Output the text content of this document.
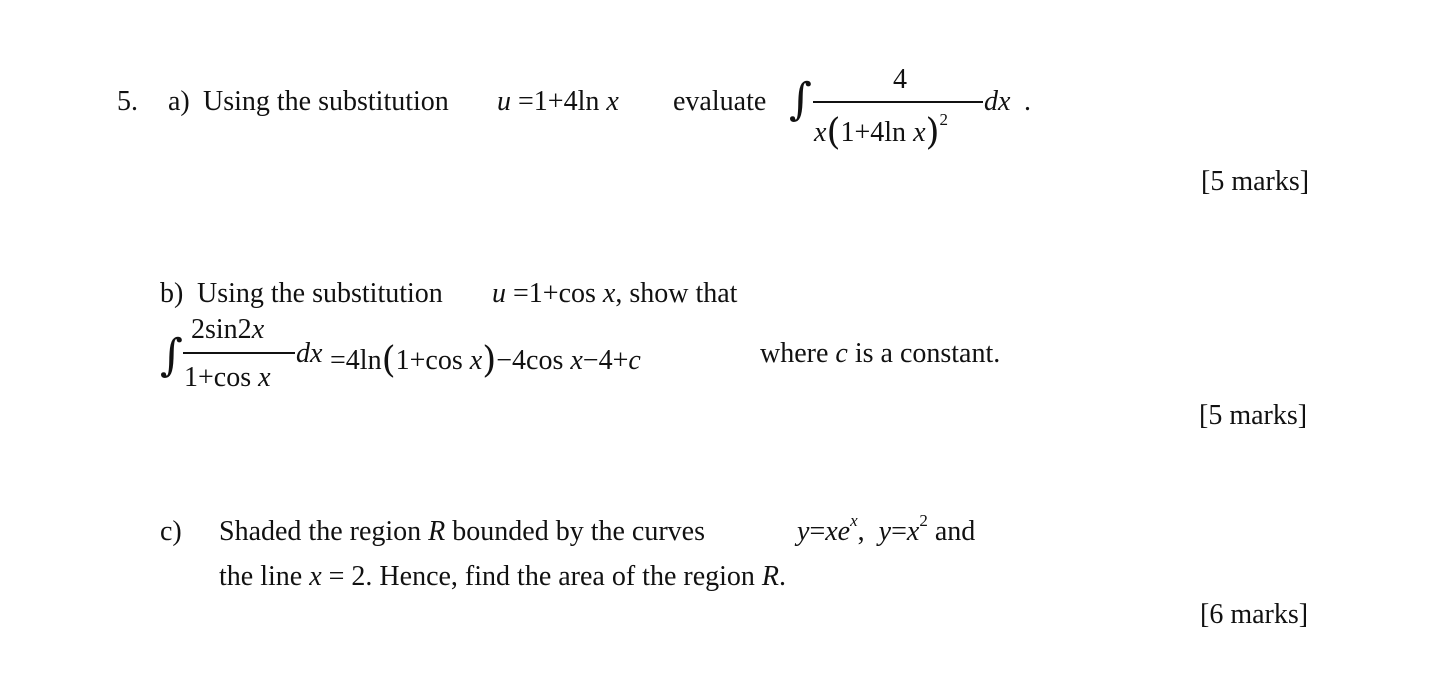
5. a) Using the substitution u =1+4ln x evaluate ∫	4
x(1+4ln x)$^2$
dx .
[5 marks]
b) Using the substitution u =1+cos x, show that
∫
2sin2x
1+cos x
dx =4ln(1+cos x)−4cos x−4+c	where c is a constant.
[5 marks]
c) Shaded the region R bounded by the curves	$y=xe^x$, $y=x^2$ and
the line x = 2. Hence, find the area of the region R.
[6 marks]
